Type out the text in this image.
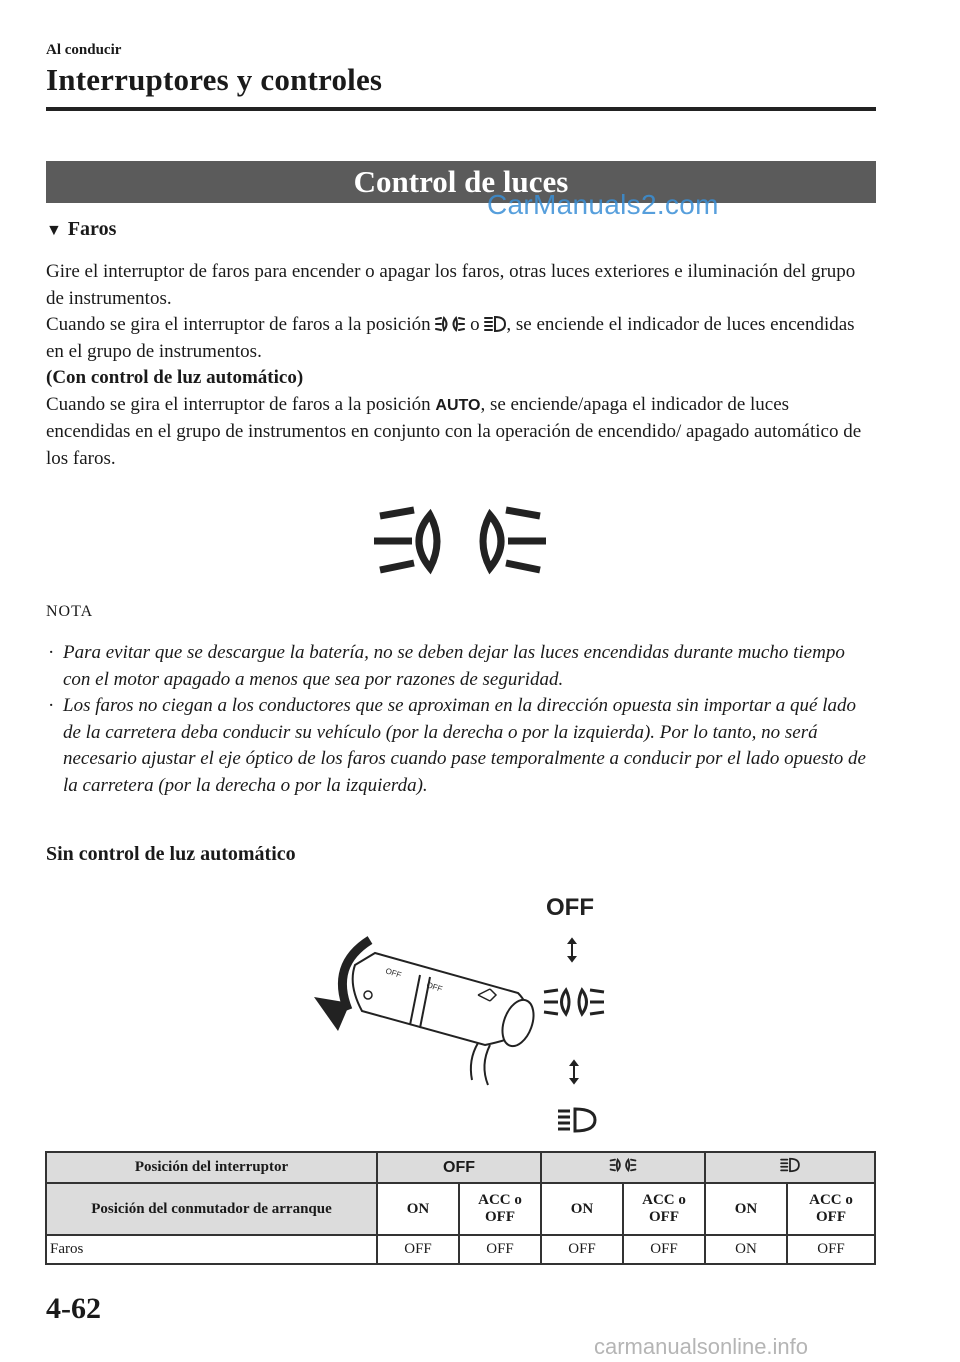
Al conducir
Interruptores y controles
Control de luces
CarManuals2.com
▼ Faros
Gire el interruptor de faros para encender o apagar los faros, otras luces exteriores e iluminación del grupo de instrumentos.
Cuando se gira el interruptor de faros a la posición o , se enciende el indicador de luces encendidas en el grupo de instrumentos.
(Con control de luz automático)
Cuando se gira el interruptor de faros a la posición AUTO, se enciende/apaga el indicador de luces encendidas en el grupo de instrumentos en conjunto con la operación de encendido/ apagado automático de los faros.
NOTA
· Para evitar que se descargue la batería, no se deben dejar las luces encendidas durante mucho tiempo con el motor apagado a menos que sea por razones de seguridad.
· Los faros no ciegan a los conductores que se aproximan en la dirección opuesta sin importar a qué lado de la carretera deba conducir su vehículo (por la derecha o por la izquierda). Por lo tanto, no será necesario ajustar el eje óptico de los faros cuando pase temporalmente a conducir por el lado opuesto de la carretera (por la derecha o por la izquierda).
Sin control de luz automático
OFF
OFF
OFF
Posición del interruptor	OFF		
Posición del conmutador de arranque	ON	ACC o OFF	ON	ACC o OFF	ON	ACC o OFF

Faros	OFF	OFF	OFF	OFF	ON	OFF
4-62
carmanualsonline.info
